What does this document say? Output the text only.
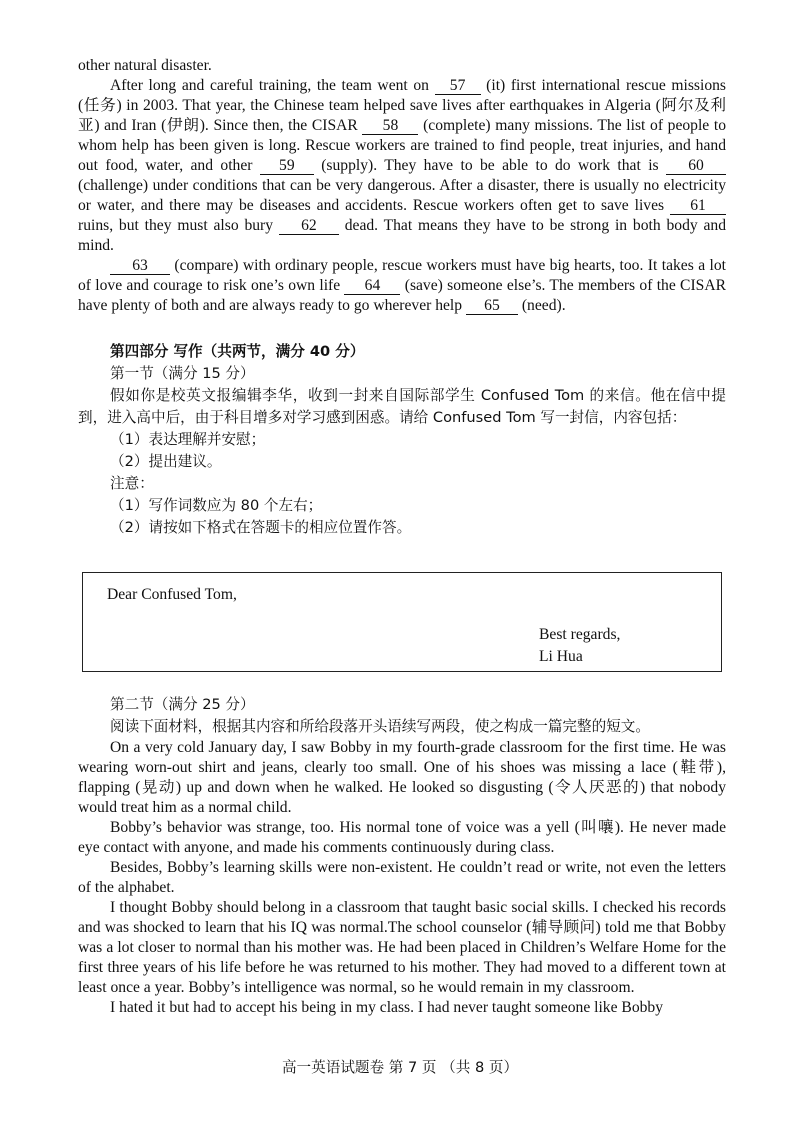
other natural disaster.

After long and careful training, the team went on 57 (it) first international rescue missions (任务) in 2003. That year, the Chinese team helped save lives after earthquakes in Algeria (阿尔及利亚) and Iran (伊朗). Since then, the CISAR 58 (complete) many missions. The list of people to whom help has been given is long. Rescue workers are trained to find people, treat injuries, and hand out food, water, and other 59 (supply). They have to be able to do work that is 60 (challenge) under conditions that can be very dangerous. After a disaster, there is usually no electricity or water, and there may be diseases and accidents. Rescue workers often get to save lives 61 ruins, but they must also bury 62 dead. That means they have to be strong in both body and mind.

63 (compare) with ordinary people, rescue workers must have big hearts, too. It takes a lot of love and courage to risk one’s own life 64 (save) someone else’s. The members of the CISAR have plenty of both and are always ready to go wherever help 65 (need).

第四部分 写作（共两节，满分 40 分）

第一节（满分 15 分）

假如你是校英文报编辑李华，收到一封来自国际部学生 Confused Tom 的来信。他在信中提到，进入高中后，由于科目增多对学习感到困惑。请给 Confused Tom 写一封信，内容包括：

（1）表达理解并安慰；

（2）提出建议。

注意：

（1）写作词数应为 80 个左右；

（2）请按如下格式在答题卡的相应位置作答。

Dear Confused Tom,
Best regards,
Li Hua

第二节（满分 25 分）

阅读下面材料，根据其内容和所给段落开头语续写两段，使之构成一篇完整的短文。

On a very cold January day, I saw Bobby in my fourth-grade classroom for the first time. He was wearing worn-out shirt and jeans, clearly too small. One of his shoes was missing a lace (鞋带), flapping (晃动) up and down when he walked. He looked so disgusting (令人厌恶的) that nobody would treat him as a normal child.

Bobby’s behavior was strange, too. His normal tone of voice was a yell (叫嚷). He never made eye contact with anyone, and made his comments continuously during class.

Besides, Bobby’s learning skills were non-existent. He couldn’t read or write, not even the letters of the alphabet.

I thought Bobby should belong in a classroom that taught basic social skills. I checked his records and was shocked to learn that his IQ was normal.The school counselor (辅导顾问) told me that Bobby was a lot closer to normal than his mother was. He had been placed in Children’s Welfare Home for the first three years of his life before he was returned to his mother. They had moved to a different town at least once a year. Bobby’s intelligence was normal, so he would remain in my classroom.

I hated it but had to accept his being in my class. I had never taught someone like Bobby

高一英语试题卷 第 7 页 （共 8 页）
